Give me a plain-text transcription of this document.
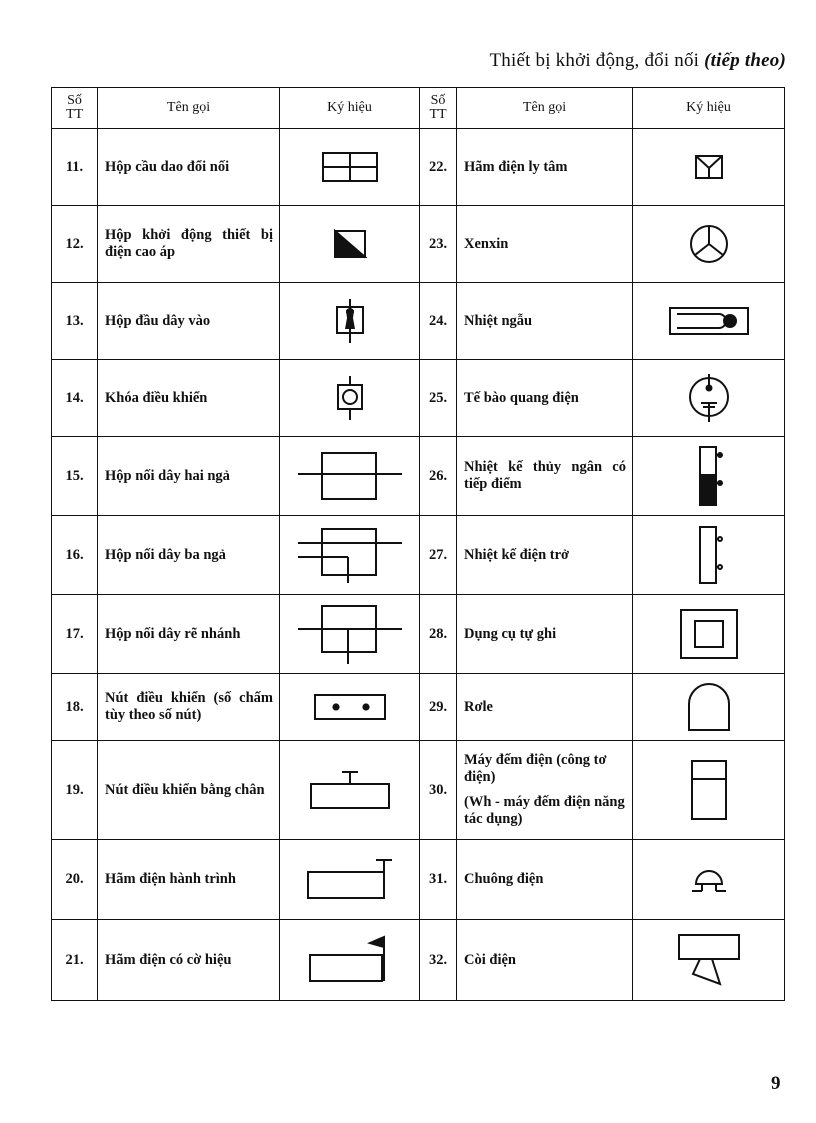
Thiết bị khởi động, đổi nối (tiếp theo)
Số
TT	Tên gọi	Ký hiệu	Số
TT	Tên gọi	Ký hiệu
11.	Hộp cầu dao đổi nối		22.	Hãm điện ly tâm	

12.	Hộp khởi động thiết bị điện cao áp		23.	Xenxin	

13.	Hộp đầu dây vào		24.	Nhiệt ngẫu	

14.	Khóa điều khiển		25.	Tế bào quang điện	

15.	Hộp nối dây hai ngả		26.	Nhiệt kế thủy ngân có tiếp điểm	

16.	Hộp nối dây ba ngả		27.	Nhiệt kế điện trở	

17.	Hộp nối dây rẽ nhánh		28.	Dụng cụ tự ghi	

18.	Nút điều khiển (số chấm tùy theo số nút)		29.	Rơle	

19.	Nút điều khiển bằng chân		30.	Máy đếm điện (công tơ điện)
(Wh - máy đếm điện năng tác dụng)

20.	Hãm điện hành trình		31.	Chuông điện	

21.	Hãm điện có cờ hiệu		32.	Còi điện	
9
